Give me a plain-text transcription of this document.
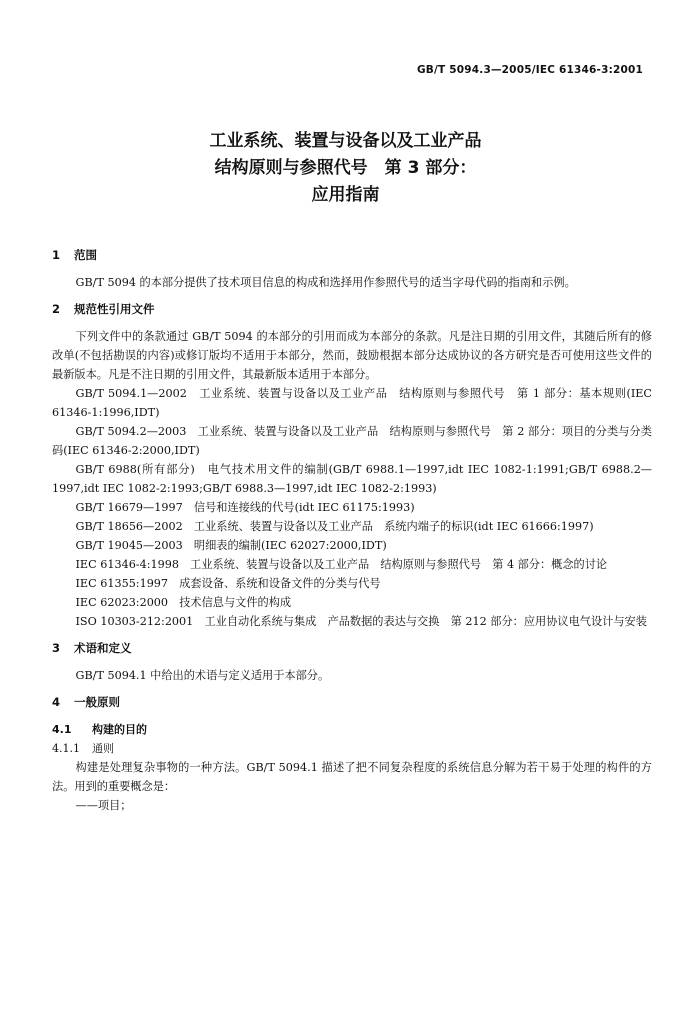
GB/T 5094.3—2005/IEC 61346-3:2001
工业系统、装置与设备以及工业产品
结构原则与参照代号　第 3 部分：
应用指南
1 范围

GB/T 5094 的本部分提供了技术项目信息的构成和选择用作参照代号的适当字母代码的指南和示例。

2 规范性引用文件

下列文件中的条款通过 GB/T 5094 的本部分的引用而成为本部分的条款。凡是注日期的引用文件，其随后所有的修改单(不包括勘误的内容)或修订版均不适用于本部分，然而，鼓励根据本部分达成协议的各方研究是否可使用这些文件的最新版本。凡是不注日期的引用文件，其最新版本适用于本部分。

GB/T 5094.1—2002　工业系统、装置与设备以及工业产品　结构原则与参照代号　第 1 部分：基本规则(IEC 61346-1:1996,IDT)

GB/T 5094.2—2003　工业系统、装置与设备以及工业产品　结构原则与参照代号　第 2 部分：项目的分类与分类码(IEC 61346-2:2000,IDT)

GB/T 6988(所有部分)　电气技术用文件的编制(GB/T 6988.1—1997,idt IEC 1082-1:1991;GB/T 6988.2—1997,idt IEC 1082-2:1993;GB/T 6988.3—1997,idt IEC 1082-2:1993)

GB/T 16679—1997　信号和连接线的代号(idt IEC 61175:1993)

GB/T 18656—2002　工业系统、装置与设备以及工业产品　系统内端子的标识(idt IEC 61666:1997)

GB/T 19045—2003　明细表的编制(IEC 62027:2000,IDT)

IEC 61346-4:1998　工业系统、装置与设备以及工业产品　结构原则与参照代号　第 4 部分：概念的讨论

IEC 61355:1997　成套设备、系统和设备文件的分类与代号

IEC 62023:2000　技术信息与文件的构成

ISO 10303-212:2001　工业自动化系统与集成　产品数据的表达与交换　第 212 部分：应用协议电气设计与安装

3 术语和定义

GB/T 5094.1 中给出的术语与定义适用于本部分。

4 一般原则
4.1 构建的目的
4.1.1 通则

构建是处理复杂事物的一种方法。GB/T 5094.1 描述了把不同复杂程度的系统信息分解为若干易于处理的构件的方法。用到的重要概念是：

——项目；
